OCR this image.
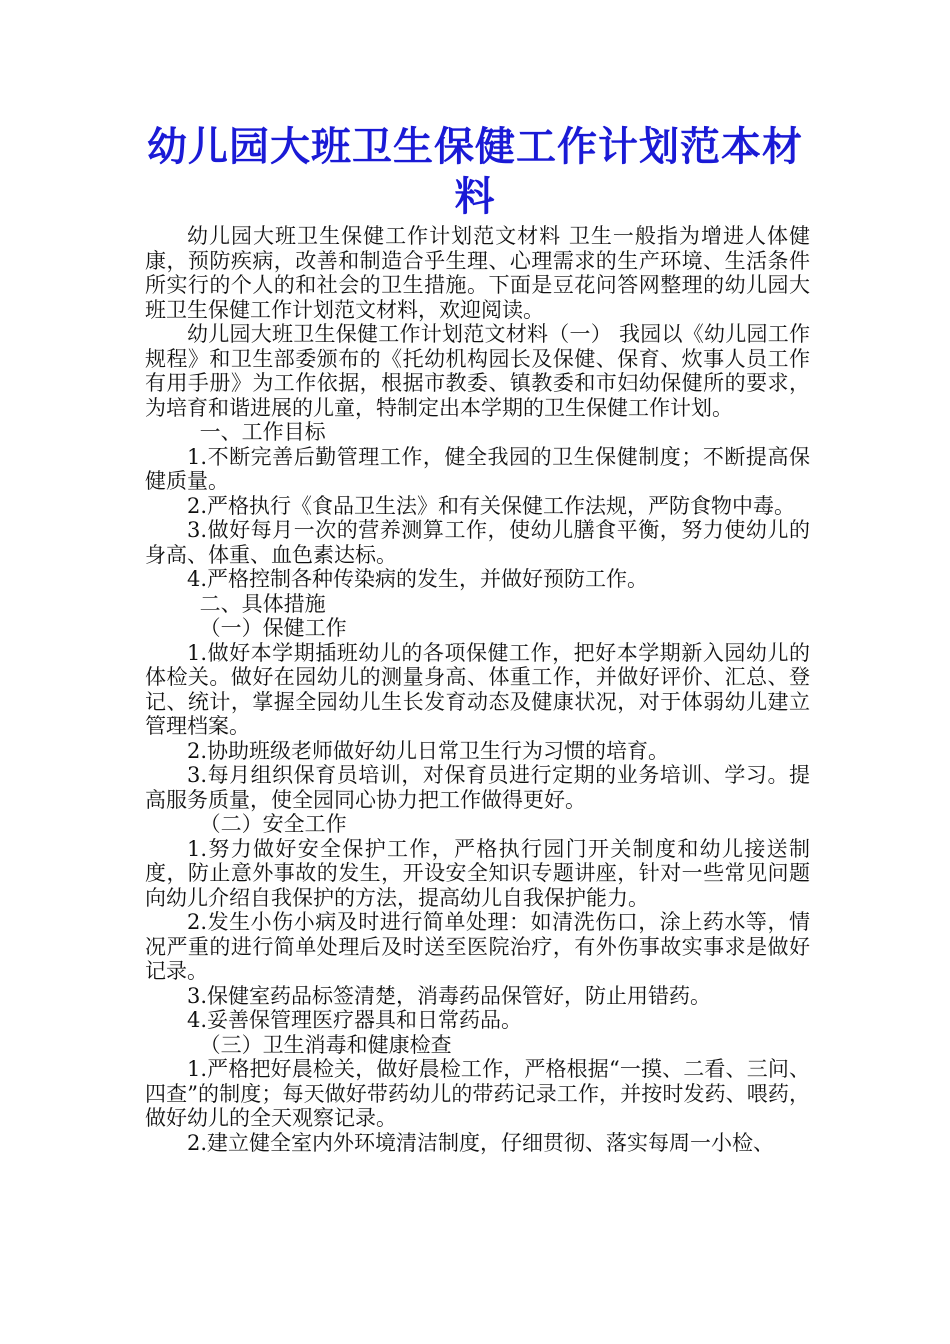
幼儿园大班卫生保健工作计划范本材料

幼儿园大班卫生保健工作计划范文材料 卫生一般指为增进人体健康，预防疾病，改善和制造合乎生理、心理需求的生产环境、生活条件所实行的个人的和社会的卫生措施。下面是豆花问答网整理的幼儿园大班卫生保健工作计划范文材料，欢迎阅读。

幼儿园大班卫生保健工作计划范文材料（一） 我园以《幼儿园工作规程》和卫生部委颁布的《托幼机构园长及保健、保育、炊事人员工作有用手册》为工作依据，根据市教委、镇教委和市妇幼保健所的要求，为培育和谐进展的儿童，特制定出本学期的卫生保健工作计划。

一、工作目标

1.不断完善后勤管理工作，健全我园的卫生保健制度；不断提高保健质量。

2.严格执行《食品卫生法》和有关保健工作法规，严防食物中毒。

3.做好每月一次的营养测算工作，使幼儿膳食平衡，努力使幼儿的身高、体重、血色素达标。

4.严格控制各种传染病的发生，并做好预防工作。

二、具体措施

（一）保健工作

1.做好本学期插班幼儿的各项保健工作，把好本学期新入园幼儿的体检关。做好在园幼儿的测量身高、体重工作，并做好评价、汇总、登记、统计，掌握全园幼儿生长发育动态及健康状况，对于体弱幼儿建立管理档案。

2.协助班级老师做好幼儿日常卫生行为习惯的培育。

3.每月组织保育员培训，对保育员进行定期的业务培训、学习。提高服务质量，使全园同心协力把工作做得更好。

（二）安全工作

1.努力做好安全保护工作，严格执行园门开关制度和幼儿接送制度，防止意外事故的发生，开设安全知识专题讲座，针对一些常见问题向幼儿介绍自我保护的方法，提高幼儿自我保护能力。

2.发生小伤小病及时进行简单处理：如清洗伤口，涂上药水等，情况严重的进行简单处理后及时送至医院治疗，有外伤事故实事求是做好记录。

3.保健室药品标签清楚，消毒药品保管好，防止用错药。

4.妥善保管理医疗器具和日常药品。

（三）卫生消毒和健康检查

1.严格把好晨检关，做好晨检工作，严格根据“一摸、二看、三问、四查”的制度；每天做好带药幼儿的带药记录工作，并按时发药、喂药，做好幼儿的全天观察记录。

2.建立健全室内外环境清洁制度，仔细贯彻、落实每周一小检、
